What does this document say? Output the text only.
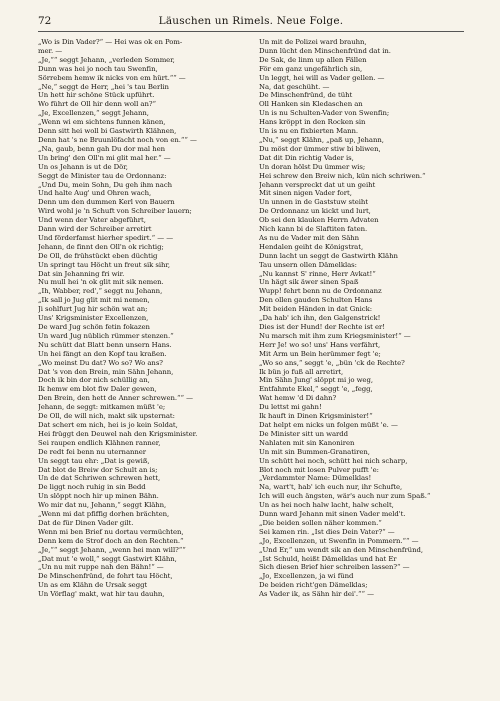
72	Läuschen un Rimels. Neue Folge.
„Wo is Din Vader?“ — Hei was ok en Pom-
mer. —
„Je,““ seggt Jehann, „verleden Sommer,
Dunn was hei jo noch tau Swenfin,
Sörrebem hemw ik nicks von em hürt.““ —
„Ne,“ seggt de Herr, „hei 's tau Berlin
Un hett hir schöne Stück upführt.
Wo führt de Oll hir denn woll an?“
„Je, Excellenzen,“ seggt Jehann,
„Wenn wi em sichtens funnen känen,
Denn sitt hei woll bi Gastwirth Klähnen,
Denn hat 's ne Bruunlöfacht noch von en.““ —
„Na, gaub, benn gah Du dor mal hen
Un bring' den Oll'n mi glit mal her.“ —
Un os Jehann is ut de Dör,
Seggt de Minister tau de Ordonnanz:
„Und Du, mein Sohn, Du geh ihm nach
Und halte Aug' und Ohren wach,
Denn um den dummen Kerl von Bauern
Wird wohl je 'n Schuft von Schreiber lauern;
Und wenn der Vater abgeführt,
Dann wird der Schreiber arretirt
Und förderfamst hierher spedirt.“ — —
Jehann, de finnt den Oll'n ok richtig;
De Oll, de frühstückt eben düchtig
Un springt tau Höcht un freut sik sihr,
Dat sin Jehanning fri wir.
Nu mull hei 'n ok glit mit sik nemen.
„Ih, Wabber, red',“ seggt nu Jehann,
„Ik sall jo Jug glit mit mi nemen,
Ji sohlfurt Jug hir schön wat an;
Uns' Krigsminister Excellenzen,
De ward Jug schön fetin fokazen
Un ward Jug nüblich rümmer stenzen.“
Nu schütt dat Blatt benn unsern Hans.
Un hei fängt an den Kopf tau kraßen.
„Wo meinst Du dat? Wo so? Wo ans?
Dat 's von den Brein, min Sähn Jehann,
Doch ik bin dor nich schüllig an,
Ik hemw em blot fiw Daler gewen,
Den Brein, den hett de Anner schrewen.““ —
Jehann, de seggt: mitkamen müßt 'e;
De Oll, de will nich, makt sik upsternat:
Dat schert em nich, hei is jo kein Soldat,
Hei früggt den Deuwel nah den Krigsminister.
Sei raupen endlich Klähnen ranner,
De redt fei benn nu uternanner
Un seggt tau ehr: „Dat is gewiß,
Dat blot de Breiw dor Schult an is;
Un de dat Schriwen schrewen hett,
De liggt noch ruhig in sin Bedd
Un slöppt noch hir up minen Bähn.
Wo mir dat nu, Jehann,“ seggt Klähn,
„Wenn mi dat pfiffig dorhen brächten,
Dat de für Dinen Vader gilt.
Wenn mi ben Brief nu dortau vermüchten,
Denn kem de Strof doch an den Rechten.“
„Je,““ seggt Jehann, „wenn hei man will?““
„Dat mut 'e woll,“ seggt Gastwirt Klähn,
„Un nu mit ruppe nah den Bähn!“ —
De Minschenfründ, de fohrt tau Höcht,
Un as em Klähn de Ursak seggt
Un Vörflag' makt, wat hir tau dauhn,
Un mit de Polizei ward brauhn,
Dunn lücht den Minschenfründ dat in.
De Sak, de linm up allen Fällen
För em ganz ungefährlich sin,
Un leggt, hei will as Vader gellen. —
Na, dat geschüht. —
De Minschenfründ, de tüht
Oll Hanken sin Kledaschen an
Un is nu Schulten-Vader von Swenfin;
Hans kröppt in den Rocken sin
Un is nu en fixbierten Mann.
„Nu,“ seggt Klähn, „paß up, Jehann,
Du möst dor ümmer stiw bi bliwen,
Dat dit Din richtig Vader is,
Un doran hölst Du ümmer wis;
Hei schrew den Breiw nich, kün nich schriwen.“
Jehann verspreckt dat ut un geiht
Mit sinen nigen Vader fort,
Un unnen in de Gaststuw steiht
De Ordonnanz un kickt und lurt,
Ob sei den klauken Herrn Advaten
Nich kann bi de Slaftiten faten.
As nu de Vader mit den Sähn
Hendalen geiht de Königstrat,
Dunn lacht un seggt de Gastwirth Klähn
Tau unsern ollen Dämelklas:
„Nu kannst S' rinne, Herr Avkat!“
Un hägt sik äwer sinen Spaß
Wupp! fehrt benn nu de Ordonnanz
Den ollen gauden Schulten Hans
Mit beiden Händen in dat Gnick:
„Da hab' ich ihn, den Galgenstrick!
Dies ist der Hund! der Rechte ist er!
Nu marsch mit ihm zum Kriegsminister!“ —
Herr Je! wo so! uns' Hans verfährt,
Mit Arm un Bein herümmer fegt 'e;
„Wo so ans,“ seggt 'e, „bün 'ck de Rechte?
Ik bün jo fuß all arretirt,
Min Sähn Jung' slöppt mi jo weg,
Entfahmte Ekel,“ seggt 'e, „fegg,
Wat hemw 'd Di dahn?
Du lettst mi gahn!
Ik hauft in Dinen Krigsminister!“
Dat helpt em nicks un folgen müßt 'e. —
De Minister sitt un wardd
Nahlaten mit sin Kanoniren
Un mit sin Bummen-Granatiren,
Un schütt hei noch, schütt hei nich scharp,
Blot noch mit losen Pulver pufft 'e:
„Verdammter Name: Dümelklas!
Na, wart't, hab' ich euch nur, ihr Schufte,
Ich will euch ängsten, wär's auch nur zum Spaß.“
Un as hei noch halw lacht, halw schelt,
Dunn ward Jehann mit sinen Vader meld't.
„Die beiden sollen näher kommen.“
Sei kamen rin. „Ist dies Dein Vater?“ —
„Jo, Excellenzen, ut Swenfin in Pommern.““ —
„Und Er,“ um wendt sik an den Minschenfründ,
„Ist Schuld, heißt Dämelklas und hat Er
Sich diesen Brief hier schreiben lassen?“ —
„Jo, Excellenzen, ja wi fünd
De beiden richt'gen Dämelklas;
As Vader ik, as Sähn hir dei'.““ —
